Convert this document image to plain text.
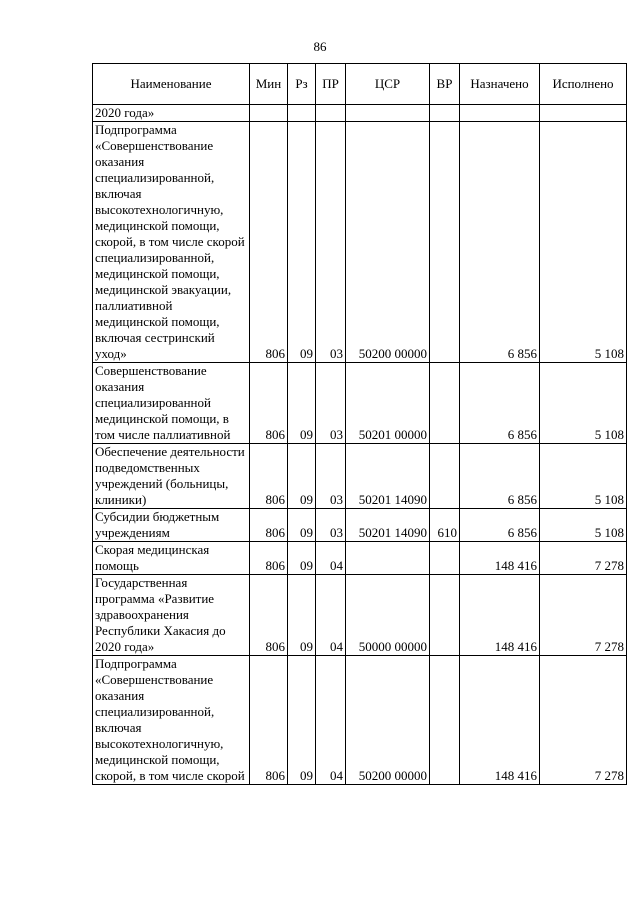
86
Наименование	Мин	Рз	ПР	ЦСР	ВР	Назначено	Исполнено
2020 года»							
Подпрограмма «Совершенствование оказания специализированной, включая высокотехнологичную, медицинской помощи, скорой, в том числе скорой специализированной, медицинской помощи, медицинской эвакуации, паллиативной медицинской помощи, включая сестринский уход»	806	09	03	50200 00000		6 856	5 108
Совершенствование оказания специализированной медицинской помощи, в том числе паллиативной	806	09	03	50201 00000		6 856	5 108
Обеспечение деятельности подведомственных учреждений (больницы, клиники)	806	09	03	50201 14090		6 856	5 108
Субсидии бюджетным учреждениям	806	09	03	50201 14090	610	6 856	5 108
Скорая медицинская помощь	806	09	04			148 416	7 278
Государственная программа «Развитие здравоохранения Республики Хакасия до 2020 года»	806	09	04	50000 00000		148 416	7 278
Подпрограмма «Совершенствование оказания специализированной, включая высокотехнологичную, медицинской помощи, скорой, в том числе скорой	806	09	04	50200 00000		148 416	7 278
